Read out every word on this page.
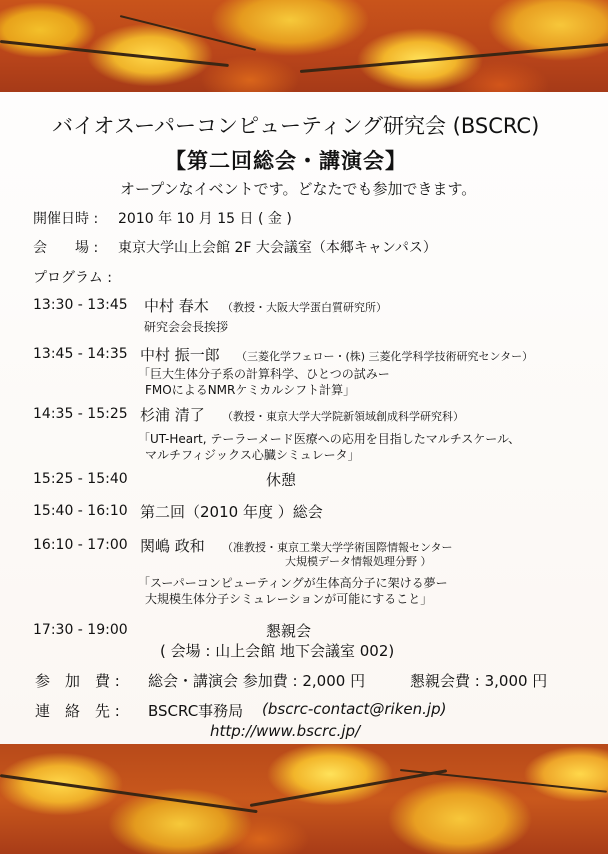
バイオスーパーコンピューティング研究会 (BSCRC)
【第二回総会・講演会】
オープンなイベントです。どなたでも参加できます。
開催日時 : 2010 年 10 月 15 日 ( 金 )
会　　場 : 東京大学山上会館 2F 大会議室（本郷キャンパス）
プログラム :
13:30 - 13:45 中村 春木 （教授・大阪大学蛋白質研究所）
研究会会長挨拶
13:45 - 14:35 中村 振一郎 （三菱化学フェロー・(株) 三菱化学科学技術研究センター）
「巨大生体分子系の計算科学、ひとつの試みー
FMOによるNMRケミカルシフト計算」
14:35 - 15:25 杉浦 清了 （教授・東京大学大学院新領域創成科学研究科）
「UT-Heart, テーラーメード医療への応用を目指したマルチスケール、
マルチフィジックス心臓シミュレータ」
15:25 - 15:40	休憩
15:40 - 16:10 第二回（2010 年度 ）総会
16:10 - 17:00 関嶋 政和 （准教授・東京工業大学学術国際情報センター
大規模データ情報処理分野 ）
「スーパーコンピューティングが生体高分子に架ける夢ー
大規模生体分子シミュレーションが可能にすること」
17:30 - 19:00	懇親会
( 会場 : 山上会館 地下会議室 002)
参　加　費 : 総会・講演会 参加費 : 2,000 円	懇親会費 : 3,000 円
連　絡　先 : BSCRC事務局 (bscrc-contact@riken.jp)
http://www.bscrc.jp/
